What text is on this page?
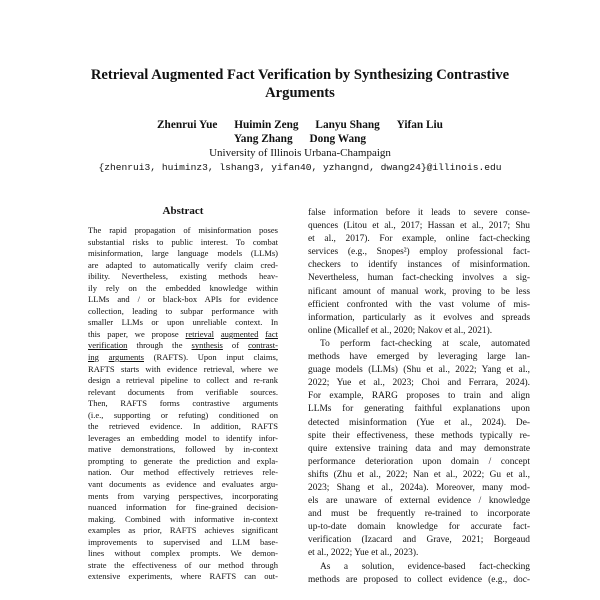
Retrieval Augmented Fact Verification by Synthesizing Contrastive
Arguments
Zhenrui Yue Huimin Zeng Lanyu Shang Yifan Liu
Yang Zhang Dong Wang
University of Illinois Urbana-Champaign
{zhenrui3, huiminz3, lshang3, yifan40, yzhangnd, dwang24}@illinois.edu
Abstract
The rapid propagation of misinformation poses
substantial risks to public interest. To combat
misinformation, large language models (LLMs)
are adapted to automatically verify claim cred-
ibility. Nevertheless, existing methods heav-
ily rely on the embedded knowledge within
LLMs and / or black-box APIs for evidence
collection, leading to subpar performance with
smaller LLMs or upon unreliable context. In
this paper, we propose retrieval augmented fact
verification through the synthesis of contrast-
ing arguments (RAFTS). Upon input claims,
RAFTS starts with evidence retrieval, where we
design a retrieval pipeline to collect and re-rank
relevant documents from verifiable sources.
Then, RAFTS forms contrastive arguments
(i.e., supporting or refuting) conditioned on
the retrieved evidence. In addition, RAFTS
leverages an embedding model to identify infor-
mative demonstrations, followed by in-context
prompting to generate the prediction and expla-
nation. Our method effectively retrieves rele-
vant documents as evidence and evaluates argu-
ments from varying perspectives, incorporating
nuanced information for fine-grained decision-
making. Combined with informative in-context
examples as prior, RAFTS achieves significant
improvements to supervised and LLM base-
lines without complex prompts. We demon-
strate the effectiveness of our method through
extensive experiments, where RAFTS can out-
false information before it leads to severe conse-
quences (Litou et al., 2017; Hassan et al., 2017; Shu
et al., 2017). For example, online fact-checking
services (e.g., Snopes²) employ professional fact-
checkers to identify instances of misinformation.
Nevertheless, human fact-checking involves a sig-
nificant amount of manual work, proving to be less
efficient confronted with the vast volume of mis-
information, particularly as it evolves and spreads
online (Micallef et al., 2020; Nakov et al., 2021).
To perform fact-checking at scale, automated
methods have emerged by leveraging large lan-
guage models (LLMs) (Shu et al., 2022; Yang et al.,
2022; Yue et al., 2023; Choi and Ferrara, 2024).
For example, RARG proposes to train and align
LLMs for generating faithful explanations upon
detected misinformation (Yue et al., 2024). De-
spite their effectiveness, these methods typically re-
quire extensive training data and may demonstrate
performance deterioration upon domain / concept
shifts (Zhu et al., 2022; Nan et al., 2022; Gu et al.,
2023; Shang et al., 2024a). Moreover, many mod-
els are unaware of external evidence / knowledge
and must be frequently re-trained to incorporate
up-to-date domain knowledge for accurate fact-
verification (Izacard and Grave, 2021; Borgeaud
et al., 2022; Yue et al., 2023).
As a solution, evidence-based fact-checking
methods are proposed to collect evidence (e.g., doc-
